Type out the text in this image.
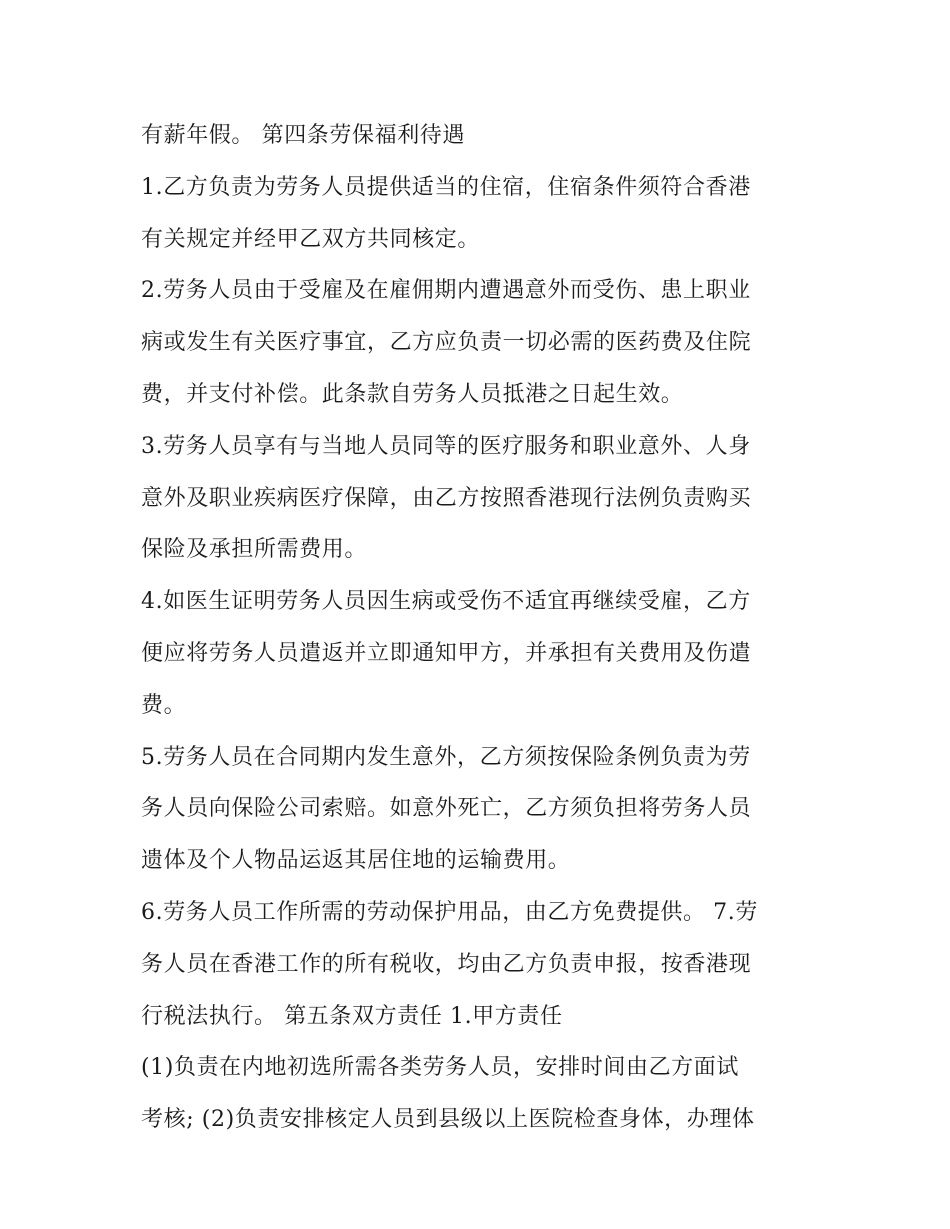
有薪年假。 第四条劳保福利待遇
1.乙方负责为劳务人员提供适当的住宿，住宿条件须符合香港
有关规定并经甲乙双方共同核定。
2.劳务人员由于受雇及在雇佣期内遭遇意外而受伤、患上职业
病或发生有关医疗事宜，乙方应负责一切必需的医药费及住院
费，并支付补偿。此条款自劳务人员抵港之日起生效。
3.劳务人员享有与当地人员同等的医疗服务和职业意外、人身
意外及职业疾病医疗保障，由乙方按照香港现行法例负责购买
保险及承担所需费用。
4.如医生证明劳务人员因生病或受伤不适宜再继续受雇，乙方
便应将劳务人员遣返并立即通知甲方，并承担有关费用及伤遣
费。
5.劳务人员在合同期内发生意外，乙方须按保险条例负责为劳
务人员向保险公司索赔。如意外死亡，乙方须负担将劳务人员
遗体及个人物品运返其居住地的运输费用。
6.劳务人员工作所需的劳动保护用品，由乙方免费提供。 7.劳
务人员在香港工作的所有税收，均由乙方负责申报，按香港现
行税法执行。 第五条双方责任 1.甲方责任
(1)负责在内地初选所需各类劳务人员，安排时间由乙方面试
考核; (2)负责安排核定人员到县级以上医院检查身体，办理体
